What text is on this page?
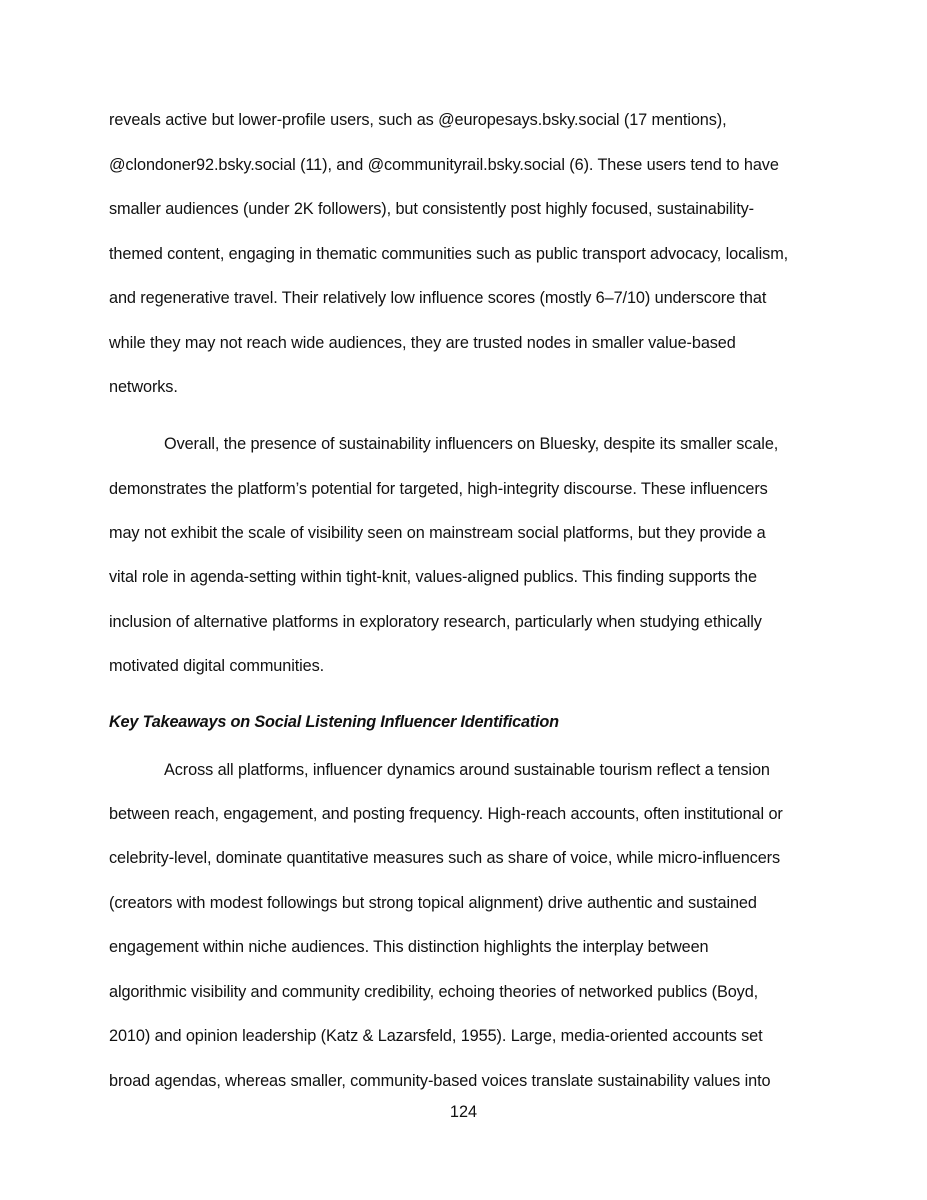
reveals active but lower-profile users, such as @europesays.bsky.social (17 mentions),
@clondoner92.bsky.social (11), and @communityrail.bsky.social (6). These users tend to have
smaller audiences (under 2K followers), but consistently post highly focused, sustainability-
themed content, engaging in thematic communities such as public transport advocacy, localism,
and regenerative travel. Their relatively low influence scores (mostly 6–7/10) underscore that
while they may not reach wide audiences, they are trusted nodes in smaller value-based
networks.
Overall, the presence of sustainability influencers on Bluesky, despite its smaller scale,
demonstrates the platform’s potential for targeted, high-integrity discourse. These influencers
may not exhibit the scale of visibility seen on mainstream social platforms, but they provide a
vital role in agenda-setting within tight-knit, values-aligned publics. This finding supports the
inclusion of alternative platforms in exploratory research, particularly when studying ethically
motivated digital communities.
Key Takeaways on Social Listening Influencer Identification
Across all platforms, influencer dynamics around sustainable tourism reflect a tension
between reach, engagement, and posting frequency. High-reach accounts, often institutional or
celebrity-level, dominate quantitative measures such as share of voice, while micro-influencers
(creators with modest followings but strong topical alignment) drive authentic and sustained
engagement within niche audiences. This distinction highlights the interplay between
algorithmic visibility and community credibility, echoing theories of networked publics (Boyd,
2010) and opinion leadership (Katz & Lazarsfeld, 1955). Large, media-oriented accounts set
broad agendas, whereas smaller, community-based voices translate sustainability values into
124
